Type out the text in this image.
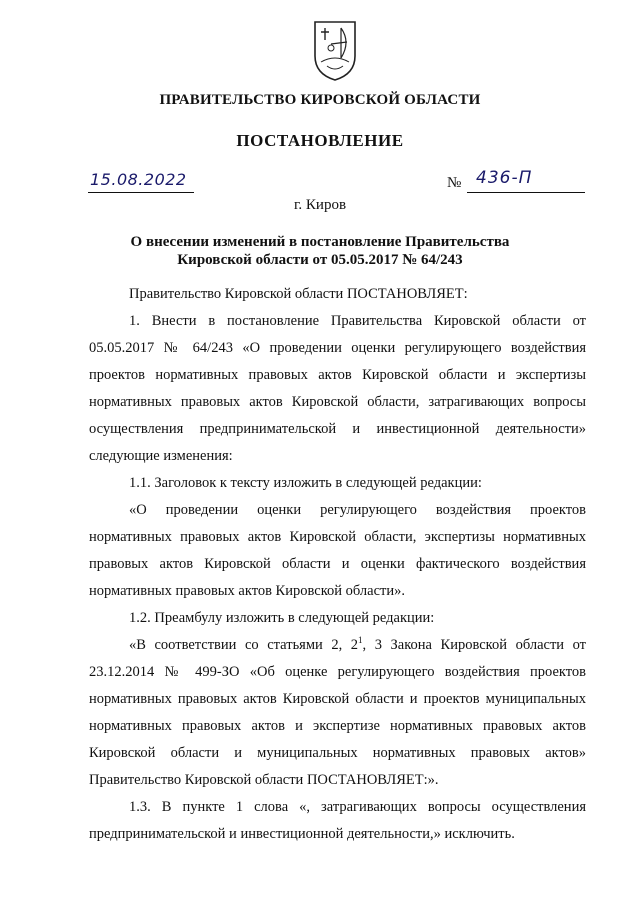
ПРАВИТЕЛЬСТВО КИРОВСКОЙ ОБЛАСТИ
ПОСТАНОВЛЕНИЕ
15.08.2022	№ 436-П
г. Киров
О внесении изменений в постановление Правительства
Кировской области от 05.05.2017 № 64/243
Правительство Кировской области ПОСТАНОВЛЯЕТ:
1. Внести в постановление Правительства Кировской области от 05.05.2017 № 64/243 «О проведении оценки регулирующего воздействия проектов нормативных правовых актов Кировской области и экспертизы нормативных правовых актов Кировской области, затрагивающих вопросы осуществления предпринимательской и инвестиционной деятельности» следующие изменения:
1.1. Заголовок к тексту изложить в следующей редакции:
«О проведении оценки регулирующего воздействия проектов нормативных правовых актов Кировской области, экспертизы нормативных правовых актов Кировской области и оценки фактического воздействия нормативных правовых актов Кировской области».
1.2. Преамбулу изложить в следующей редакции:
«В соответствии со статьями 2, $2^1$, 3 Закона Кировской области от 23.12.2014 № 499-ЗО «Об оценке регулирующего воздействия проектов нормативных правовых актов Кировской области и проектов муниципальных нормативных правовых актов и экспертизе нормативных правовых актов Кировской области и муниципальных нормативных правовых актов» Правительство Кировской области ПОСТАНОВЛЯЕТ:».
1.3. В пункте 1 слова «, затрагивающих вопросы осуществления предпринимательской и инвестиционной деятельности,» исключить.
